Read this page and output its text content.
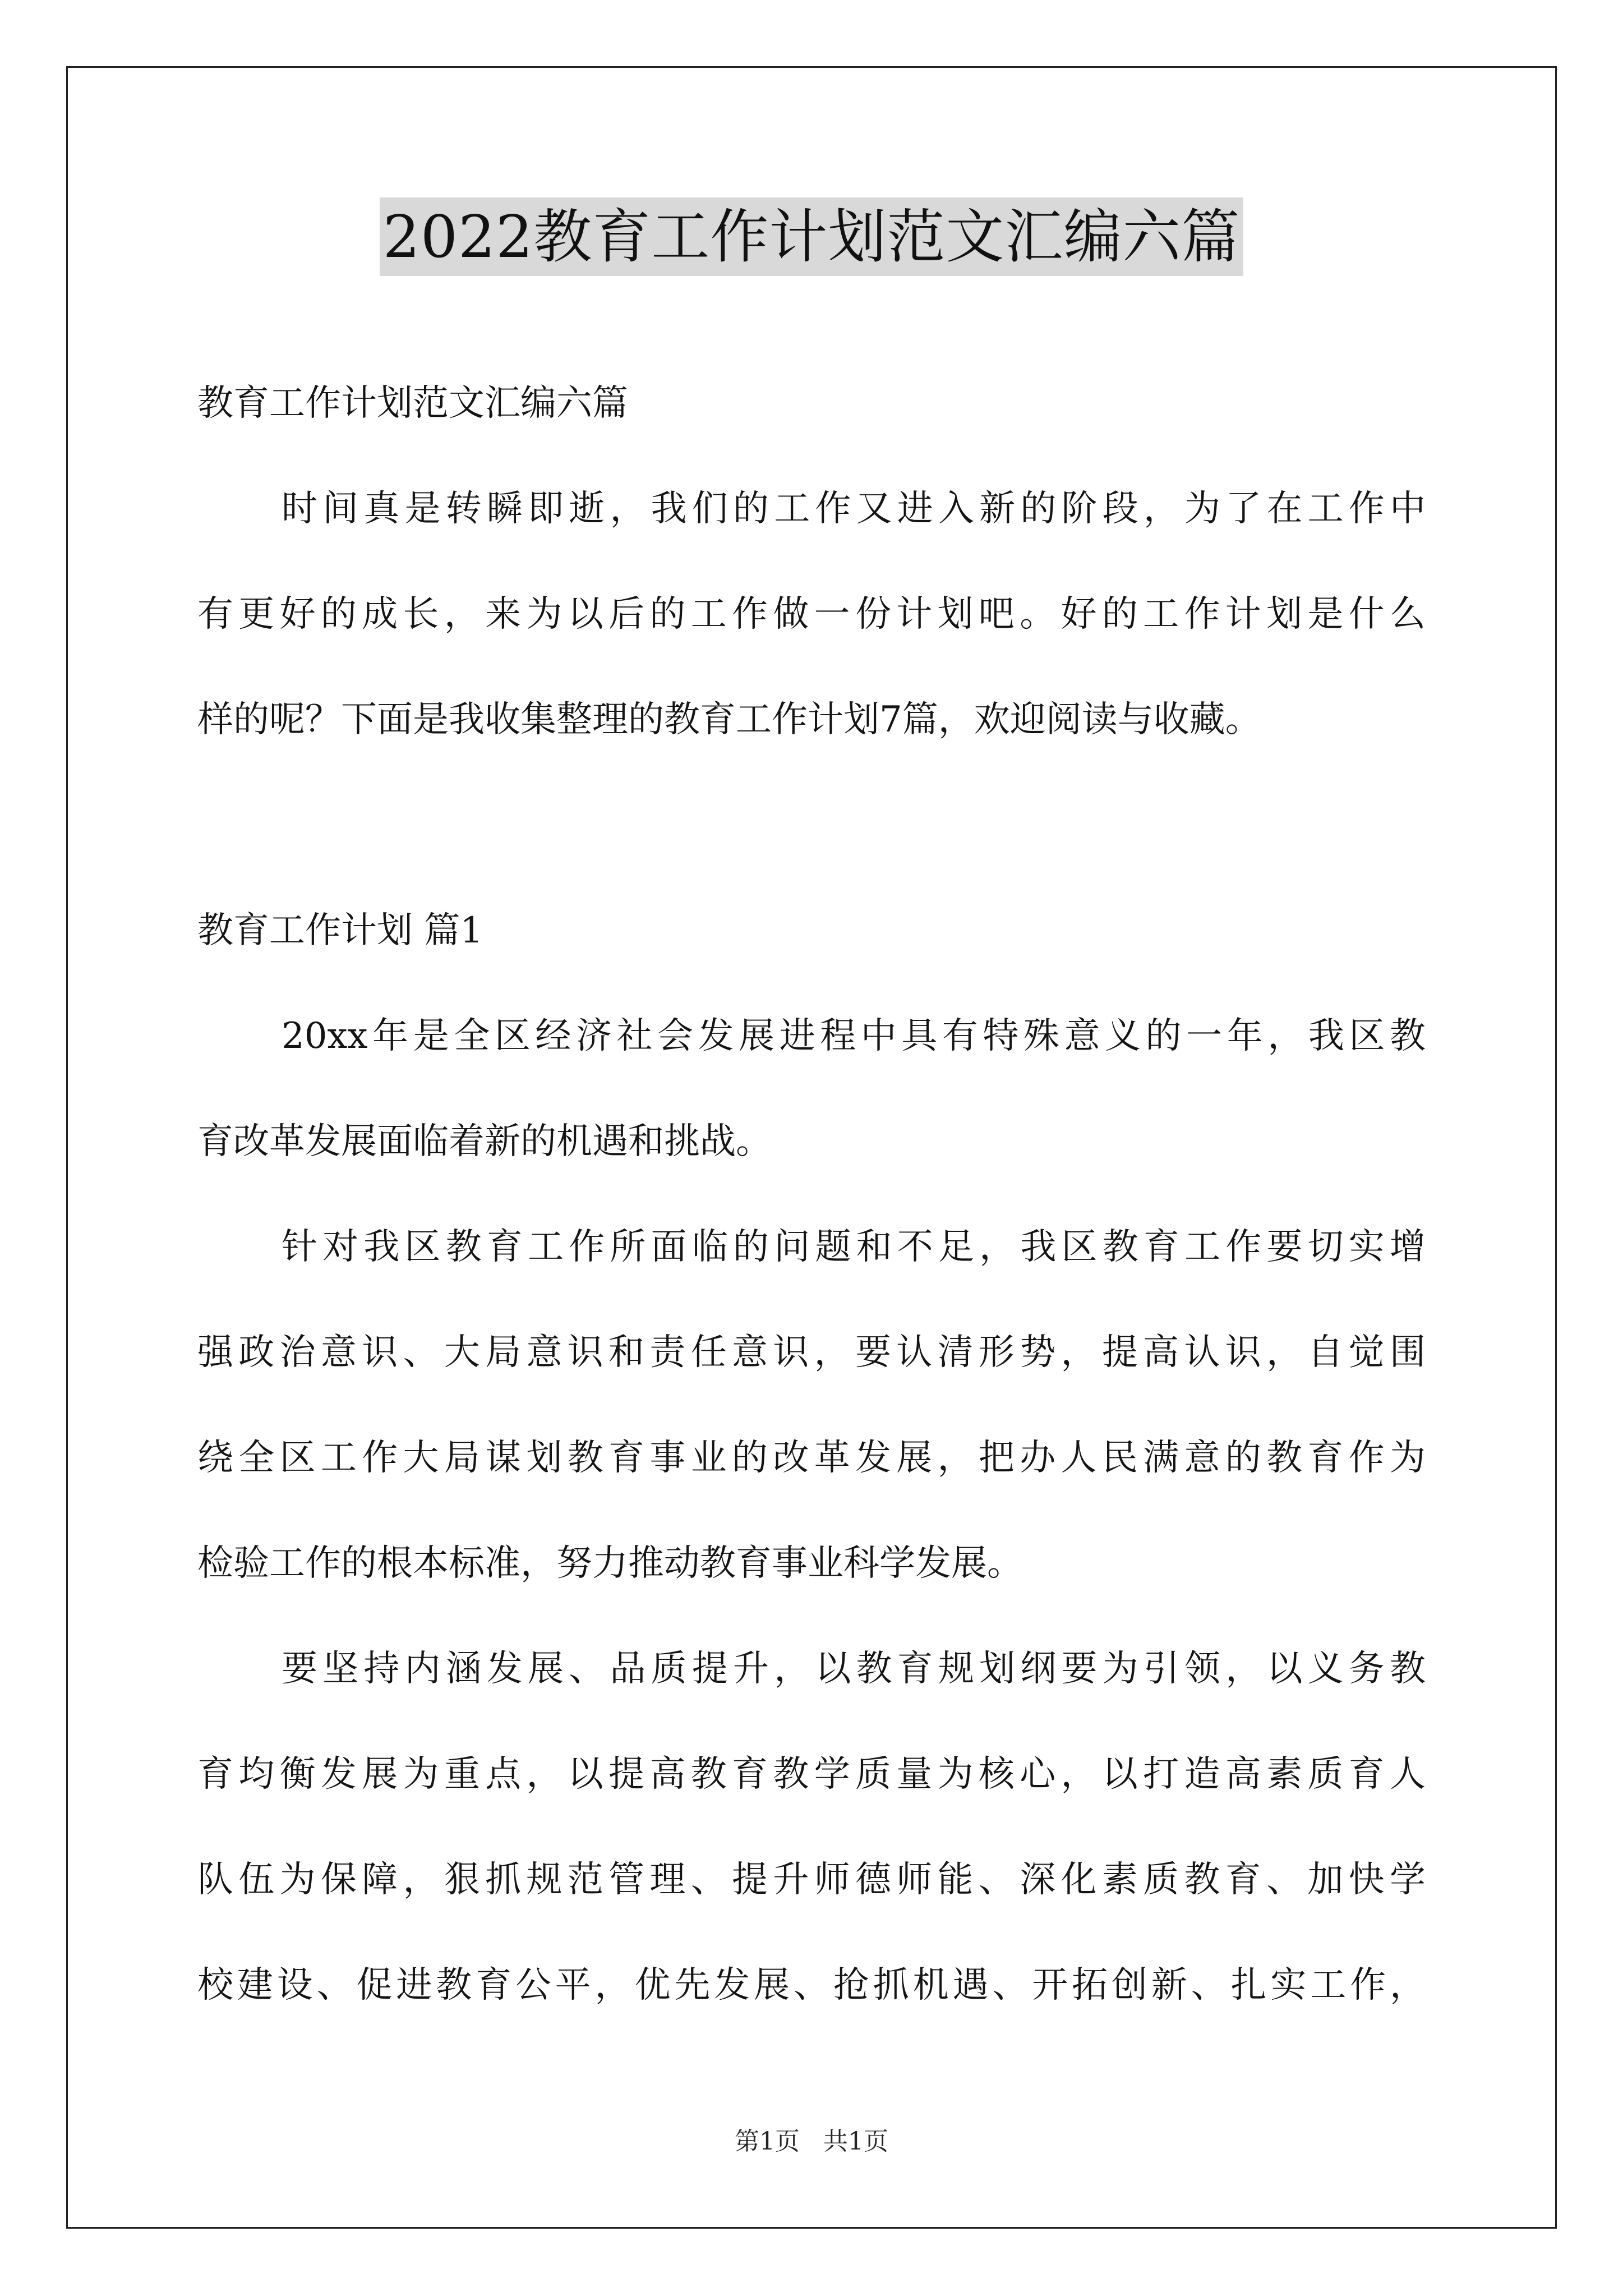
2022教育工作计划范文汇编六篇
教育工作计划范文汇编六篇
时间真是转瞬即逝，我们的工作又进入新的阶段，为了在工作中
有更好的成长，来为以后的工作做一份计划吧。好的工作计划是什么
样的呢？下面是我收集整理的教育工作计划7篇，欢迎阅读与收藏。
教育工作计划 篇1
20xx年是全区经济社会发展进程中具有特殊意义的一年，我区教
育改革发展面临着新的机遇和挑战。
针对我区教育工作所面临的问题和不足，我区教育工作要切实增
强政治意识、大局意识和责任意识，要认清形势，提高认识，自觉围
绕全区工作大局谋划教育事业的改革发展，把办人民满意的教育作为
检验工作的根本标准，努力推动教育事业科学发展。
要坚持内涵发展、品质提升，以教育规划纲要为引领，以义务教
育均衡发展为重点，以提高教育教学质量为核心，以打造高素质育人
队伍为保障，狠抓规范管理、提升师德师能、深化素质教育、加快学
校建设、促进教育公平，优先发展、抢抓机遇、开拓创新、扎实工作，
第1页 共1页
